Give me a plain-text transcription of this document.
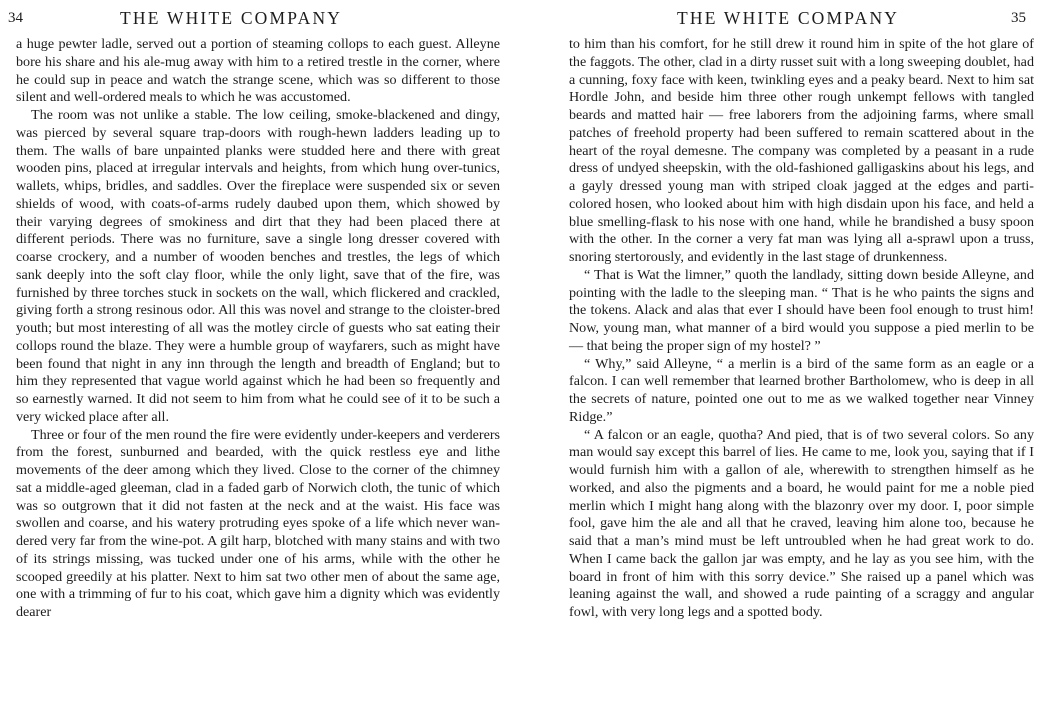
34	THE WHITE COMPANY

a huge pewter ladle, served out a portion of steaming collops to each guest. Alleyne bore his share and his ale-mug away with him to a retired trestle in the corner, where he could sup in peace and watch the strange scene, which was so different to those silent and well-ordered meals to which he was accustomed.

The room was not unlike a stable. The low ceiling, smoke-blackened and dingy, was pierced by several square trap-doors with rough-hewn ladders leading up to them. The walls of bare unpainted planks were studded here and there with great wooden pins, placed at irregular intervals and heights, from which hung over-tunics, wallets, whips, bridles, and saddles. Over the fireplace were suspended six or seven shields of wood, with coats-of-arms rudely daubed upon them, which showed by their varying degrees of smokiness and dirt that they had been placed there at different periods. There was no furniture, save a single long dresser covered with coarse crockery, and a number of wooden benches and trestles, the legs of which sank deeply into the soft clay floor, while the only light, save that of the fire, was furnished by three torches stuck in sockets on the wall, which flickered and crackled, giving forth a strong resinous odor. All this was novel and strange to the cloister-bred youth; but most interesting of all was the motley circle of guests who sat eating their collops round the blaze. They were a humble group of wayfarers, such as might have been found that night in any inn through the length and breadth of England; but to him they represented that vague world against which he had been so frequently and so earnestly warned. It did not seem to him from what he could see of it to be such a very wicked place after all.

Three or four of the men round the fire were evidently under-keepers and verderers from the forest, sunburned and bearded, with the quick restless eye and lithe movements of the deer among which they lived. Close to the corner of the chimney sat a middle-aged gleeman, clad in a faded garb of Norwich cloth, the tunic of which was so outgrown that it did not fasten at the neck and at the waist. His face was swollen and coarse, and his watery protruding eyes spoke of a life which never wandered very far from the wine-pot. A gilt harp, blotched with many stains and with two of its strings missing, was tucked under one of his arms, while with the other he scooped greedily at his platter. Next to him sat two other men of about the same age, one with a trimming of fur to his coat, which gave him a dignity which was evidently dearer

THE WHITE COMPANY	35

to him than his comfort, for he still drew it round him in spite of the hot glare of the faggots. The other, clad in a dirty russet suit with a long sweeping doublet, had a cunning, foxy face with keen, twinkling eyes and a peaky beard. Next to him sat Hordle John, and beside him three other rough unkempt fellows with tangled beards and matted hair — free laborers from the adjoining farms, where small patches of freehold property had been suffered to remain scattered about in the heart of the royal demesne. The company was completed by a peasant in a rude dress of undyed sheepskin, with the old-fashioned galligaskins about his legs, and a gayly dressed young man with striped cloak jagged at the edges and parti-colored hosen, who looked about him with high disdain upon his face, and held a blue smelling-flask to his nose with one hand, while he brandished a busy spoon with the other. In the corner a very fat man was lying all a-sprawl upon a truss, snoring stertorously, and evidently in the last stage of drunkenness.

“ That is Wat the limner,” quoth the landlady, sitting down beside Alleyne, and pointing with the ladle to the sleeping man. “ That is he who paints the signs and the tokens. Alack and alas that ever I should have been fool enough to trust him! Now, young man, what manner of a bird would you suppose a pied merlin to be — that being the proper sign of my hostel? ”

“ Why,” said Alleyne, “ a merlin is a bird of the same form as an eagle or a falcon. I can well remember that learned brother Bartholomew, who is deep in all the secrets of nature, pointed one out to me as we walked together near Vinney Ridge.”

“ A falcon or an eagle, quotha? And pied, that is of two several colors. So any man would say except this barrel of lies. He came to me, look you, saying that if I would furnish him with a gallon of ale, wherewith to strengthen himself as he worked, and also the pigments and a board, he would paint for me a noble pied merlin which I might hang along with the blazonry over my door. I, poor simple fool, gave him the ale and all that he craved, leaving him alone too, because he said that a man’s mind must be left untroubled when he had great work to do. When I came back the gallon jar was empty, and he lay as you see him, with the board in front of him with this sorry device.” She raised up a panel which was leaning against the wall, and showed a rude painting of a scraggy and angular fowl, with very long legs and a spotted body.
